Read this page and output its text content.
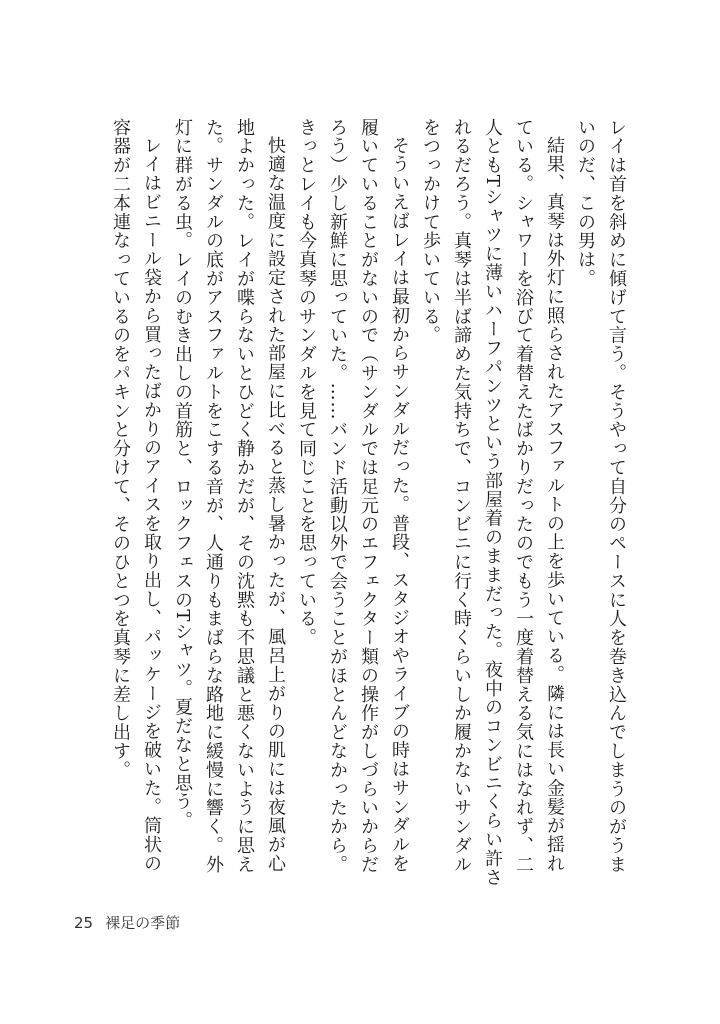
レイは首を斜めに傾げて言う。そうやって自分のペースに人を巻き込んでしまうのがうまいのだ、この男は。

結果、真琴は外灯に照らされたアスファルトの上を歩いている。隣には長い金髪が揺れている。シャワーを浴びて着替えたばかりだったのでもう一度着替える気にはなれず、二人ともTシャツに薄いハーフパンツという部屋着のままだった。夜中のコンビニくらい許されるだろう。真琴は半ば諦めた気持ちで、コンビニに行く時くらいしか履かないサンダルをつっかけて歩いている。

そういえばレイは最初からサンダルだった。普段、スタジオやライブの時はサンダルを履いていることがないので（サンダルでは足元のエフェクター類の操作がしづらいからだろう）少し新鮮に思っていた。……バンド活動以外で会うことがほとんどなかったから。きっとレイも今真琴のサンダルを見て同じことを思っている。

快適な温度に設定された部屋に比べると蒸し暑かったが、風呂上がりの肌には夜風が心地よかった。レイが喋らないとひどく静かだが、その沈黙も不思議と悪くないように思えた。サンダルの底がアスファルトをこする音が、人通りもまばらな路地に緩慢に響く。外灯に群がる虫。レイのむき出しの首筋と、ロックフェスのTシャツ。夏だなと思う。

レイはビニール袋から買ったばかりのアイスを取り出し、パッケージを破いた。筒状の容器が二本連なっているのをパキンと分けて、そのひとつを真琴に差し出す。

25 裸足の季節
